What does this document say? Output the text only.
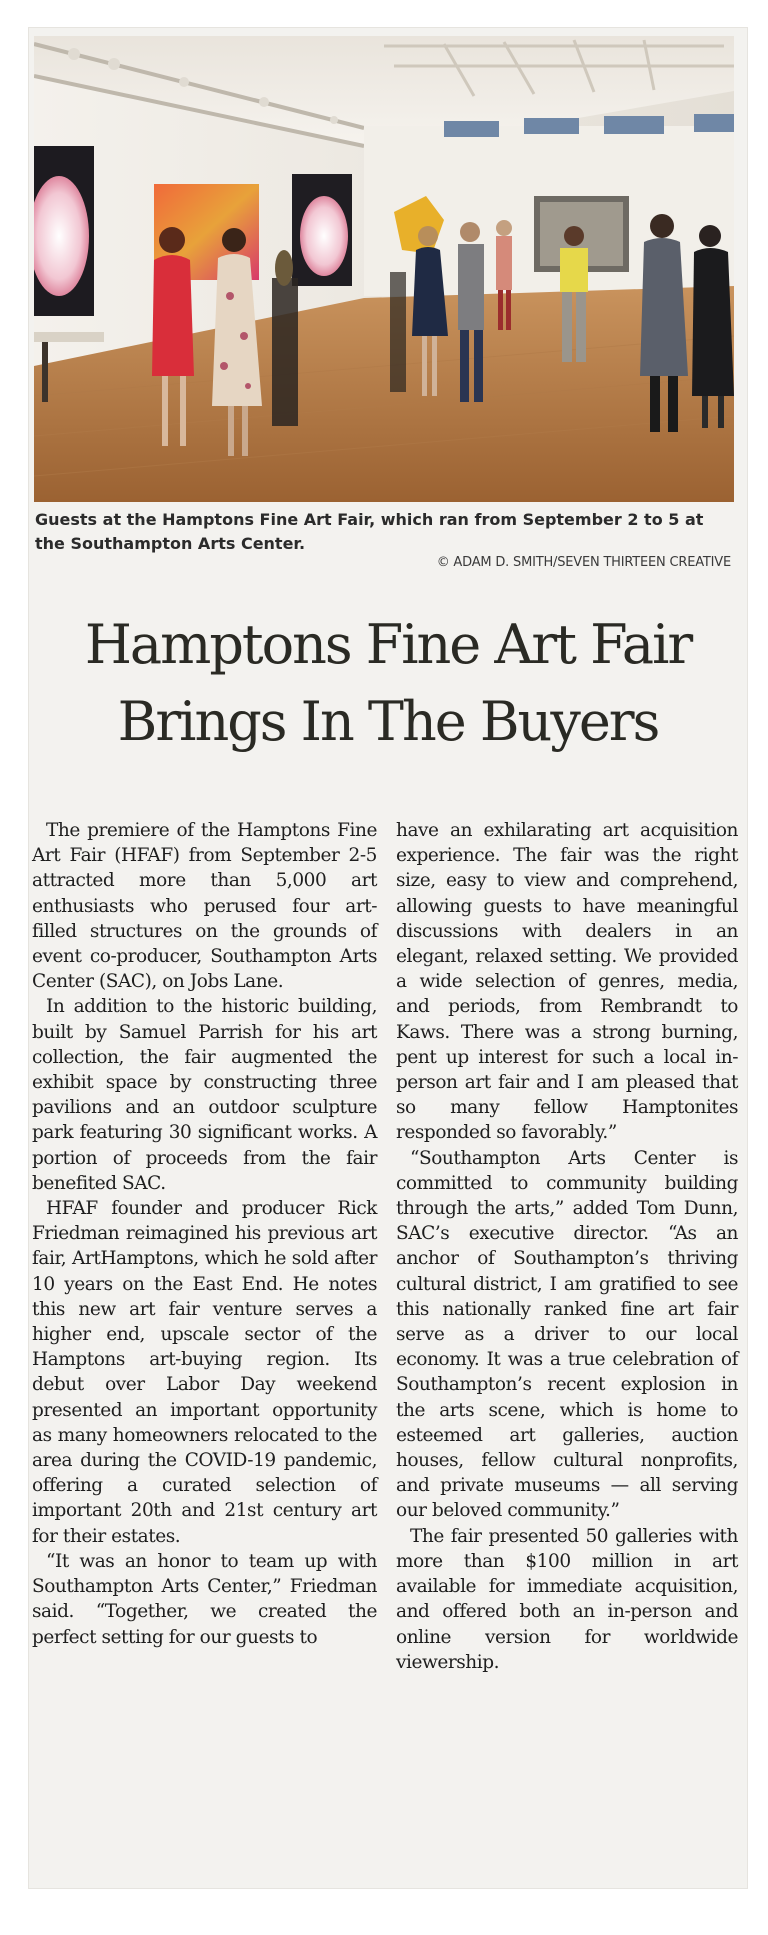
Guests at the Hamptons Fine Art Fair, which ran from September 2 to 5 at the Southampton Arts Center.
© ADAM D. SMITH/SEVEN THIRTEEN CREATIVE
Hamptons Fine Art Fair
Brings In The Buyers

The premiere of the Hamptons Fine Art Fair (HFAF) from September 2-5 attracted more than 5,000 art enthusiasts who perused four art-filled structures on the grounds of event co-producer, Southampton Arts Center (SAC), on Jobs Lane.

In addition to the historic building, built by Samuel Parrish for his art collection, the fair augmented the exhibit space by constructing three pavilions and an outdoor sculpture park featuring 30 significant works. A portion of proceeds from the fair benefited SAC.

HFAF founder and producer Rick Friedman reimagined his previous art fair, ArtHamptons, which he sold after 10 years on the East End. He notes this new art fair venture serves a higher end, upscale sector of the Hamptons art-buying region. Its debut over Labor Day weekend presented an important opportunity as many homeowners relocated to the area during the COVID-19 pandemic, offering a curated selection of important 20th and 21st century art for their estates.

“It was an honor to team up with Southampton Arts Center,” Friedman said. “Together, we created the perfect setting for our guests to

have an exhilarating art acquisition experience. The fair was the right size, easy to view and comprehend, allowing guests to have meaningful discussions with dealers in an elegant, relaxed setting. We provided a wide selection of genres, media, and periods, from Rembrandt to Kaws. There was a strong burning, pent up interest for such a local in-person art fair and I am pleased that so many fellow Hamptonites responded so favorably.”

“Southampton Arts Center is committed to community building through the arts,” added Tom Dunn, SAC’s executive director. “As an anchor of Southampton’s thriving cultural district, I am gratified to see this nationally ranked fine art fair serve as a driver to our local economy. It was a true celebration of Southampton’s recent explosion in the arts scene, which is home to esteemed art galleries, auction houses, fellow cultural nonprofits, and private museums — all serving our beloved community.”

The fair presented 50 galleries with more than $100 million in art available for immediate acquisition, and offered both an in-person and online version for worldwide viewership.
